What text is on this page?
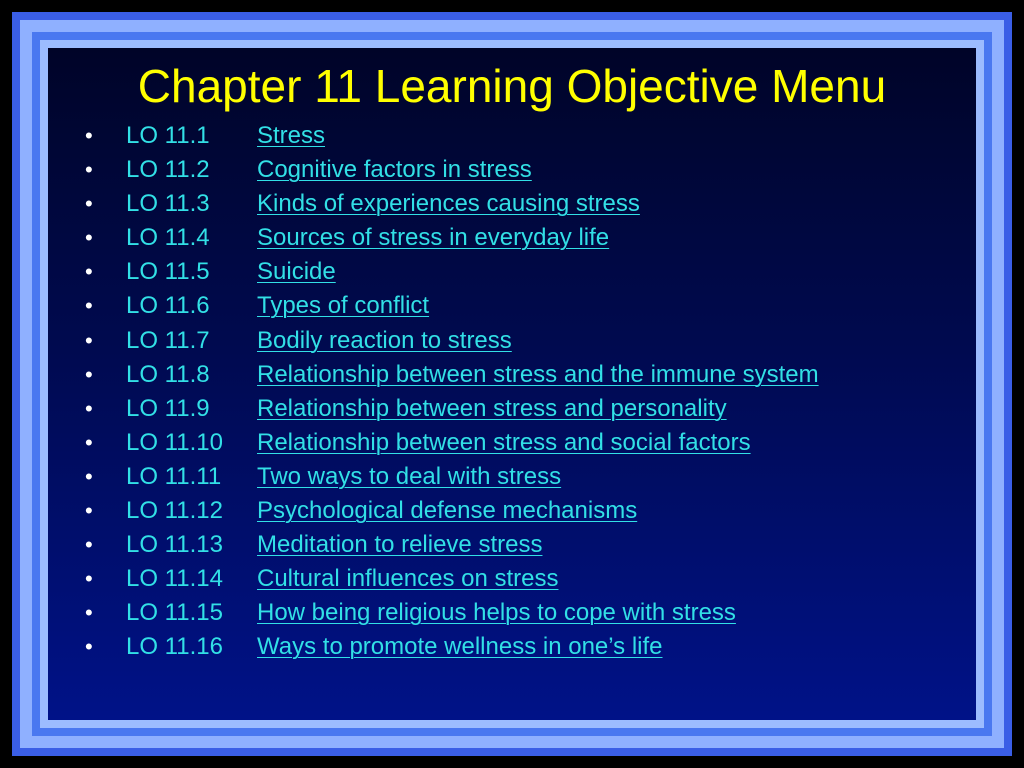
Chapter 11 Learning Objective Menu
• LO 11.1 Stress
• LO 11.2 Cognitive factors in stress
• LO 11.3 Kinds of experiences causing stress
• LO 11.4 Sources of stress in everyday life
• LO 11.5 Suicide
• LO 11.6 Types of conflict
• LO 11.7 Bodily reaction to stress
• LO 11.8 Relationship between stress and the immune system
• LO 11.9 Relationship between stress and personality
• LO 11.10 Relationship between stress and social factors
• LO 11.11 Two ways to deal with stress
• LO 11.12 Psychological defense mechanisms
• LO 11.13 Meditation to relieve stress
• LO 11.14 Cultural influences on stress
• LO 11.15 How being religious helps to cope with stress
• LO 11.16 Ways to promote wellness in one’s life
